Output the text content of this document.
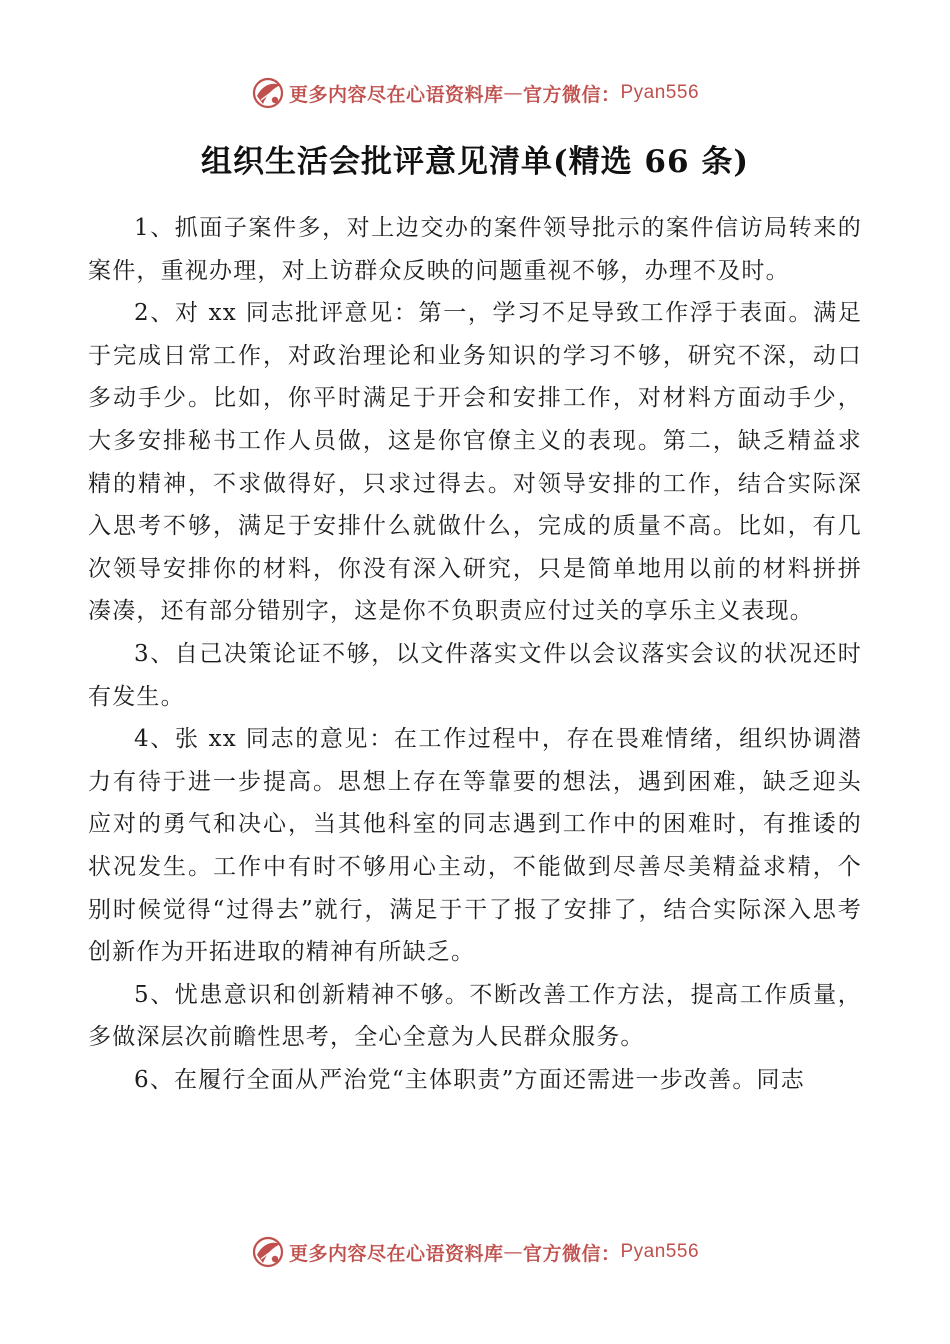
更多内容尽在心语资料库 — 官方微信： Pyan556
组织生活会批评意见清单(精选 66 条)

1、抓面子案件多，对上边交办的案件领导批示的案件信访局转来的案件，重视办理，对上访群众反映的问题重视不够，办理不及时。

2、对 xx 同志批评意见：第一，学习不足导致工作浮于表面。满足于完成日常工作，对政治理论和业务知识的学习不够，研究不深，动口多动手少。比如，你平时满足于开会和安排工作，对材料方面动手少，大多安排秘书工作人员做，这是你官僚主义的表现。第二，缺乏精益求精的精神，不求做得好，只求过得去。对领导安排的工作，结合实际深入思考不够，满足于安排什么就做什么，完成的质量不高。比如，有几次领导安排你的材料，你没有深入研究，只是简单地用以前的材料拼拼凑凑，还有部分错别字，这是你不负职责应付过关的享乐主义表现。

3、自己决策论证不够，以文件落实文件以会议落实会议的状况还时有发生。

4、张 xx 同志的意见：在工作过程中，存在畏难情绪，组织协调潜力有待于进一步提高。思想上存在等靠要的想法，遇到困难，缺乏迎头应对的勇气和决心，当其他科室的同志遇到工作中的困难时，有推诿的状况发生。工作中有时不够用心主动，不能做到尽善尽美精益求精，个别时候觉得“过得去”就行，满足于干了报了安排了，结合实际深入思考创新作为开拓进取的精神有所缺乏。

5、忧患意识和创新精神不够。不断改善工作方法，提高工作质量，多做深层次前瞻性思考，全心全意为人民群众服务。

6、在履行全面从严治党“主体职责”方面还需进一步改善。同志

更多内容尽在心语资料库 — 官方微信： Pyan556
